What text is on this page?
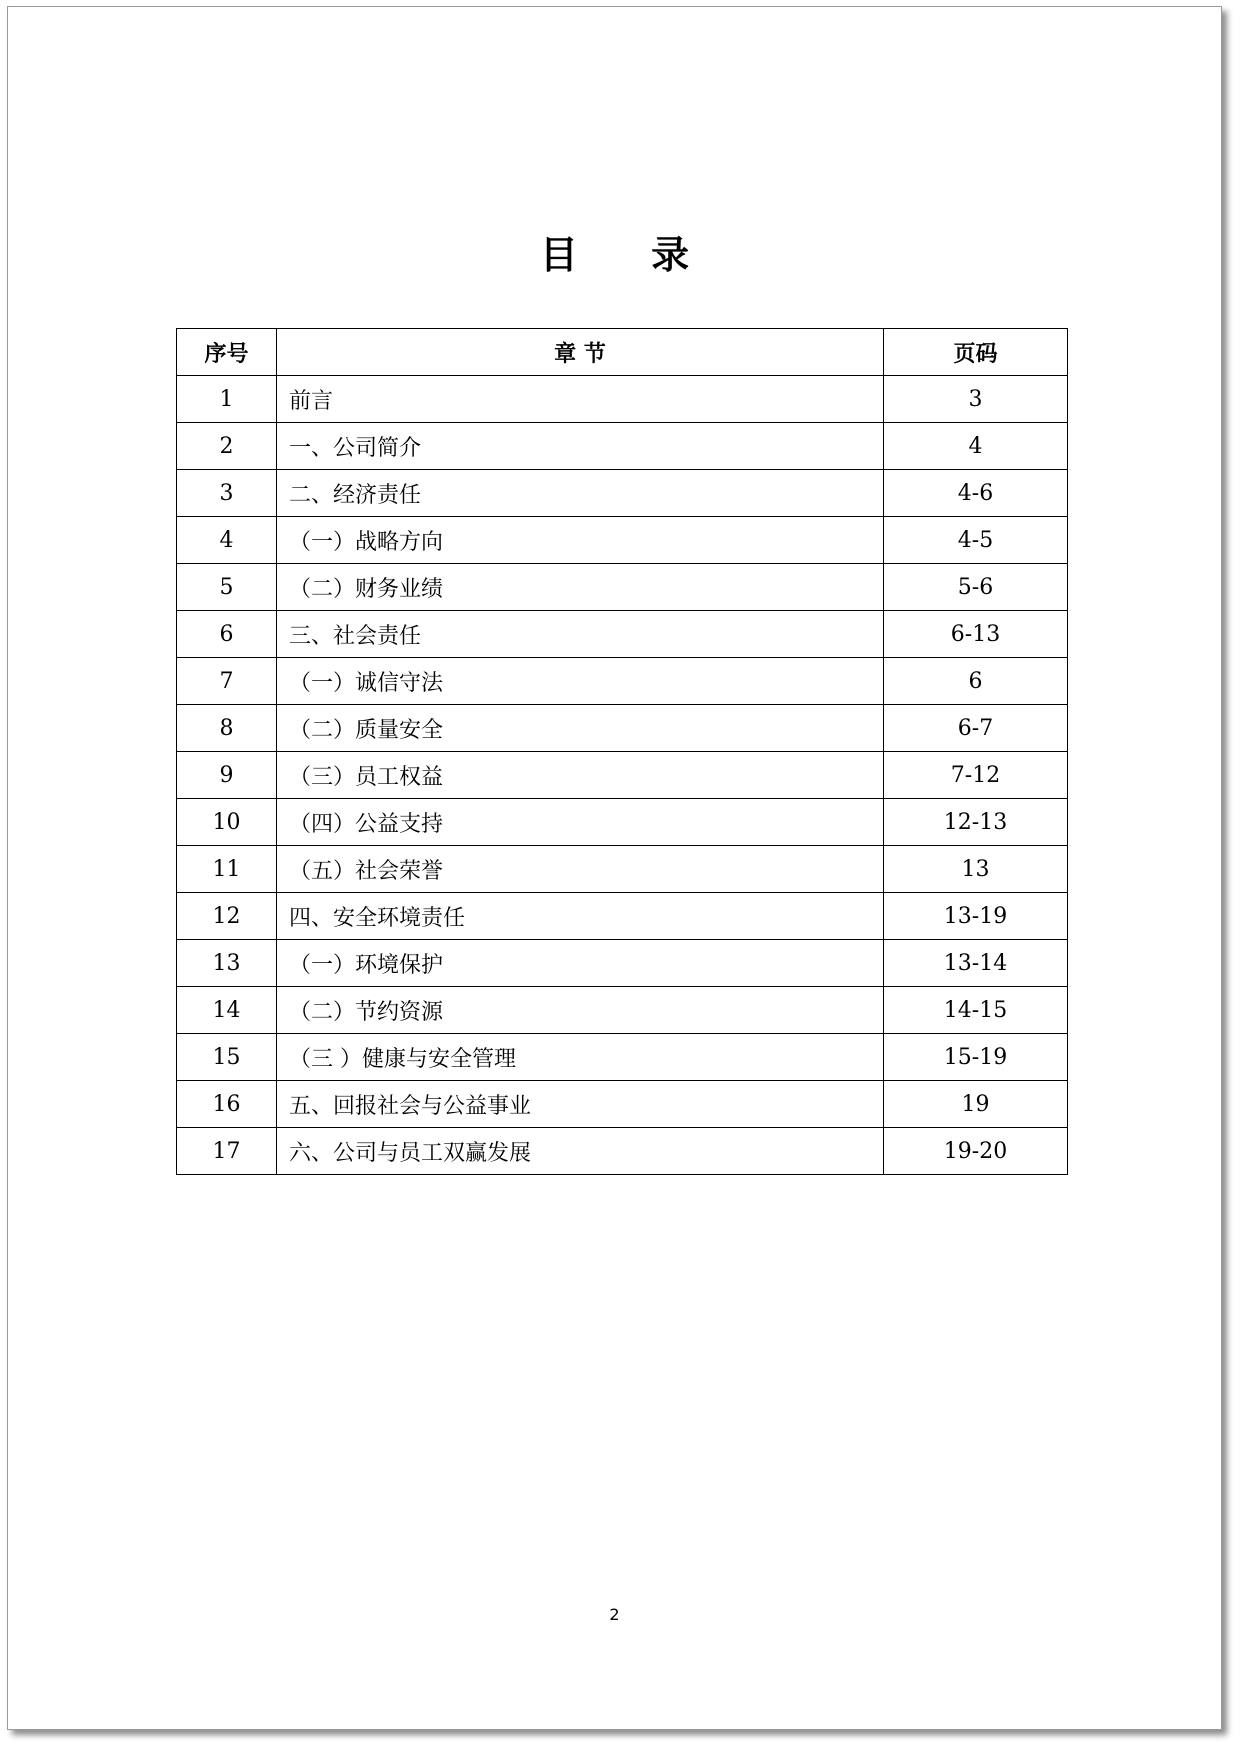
目 录
序号	章 节	页码
1	前言	3
2	一、公司简介	4
3	二、经济责任	4-6
4	（一）战略方向	4-5
5	（二）财务业绩	5-6
6	三、社会责任	6-13
7	（一）诚信守法	6
8	（二）质量安全	6-7
9	（三）员工权益	7-12
10	（四）公益支持	12-13
11	（五）社会荣誉	13
12	四、安全环境责任	13-19
13	（一）环境保护	13-14
14	（二）节约资源	14-15
15	（三 ）健康与安全管理	15-19
16	五、回报社会与公益事业	19
17	六、公司与员工双赢发展	19-20
2
